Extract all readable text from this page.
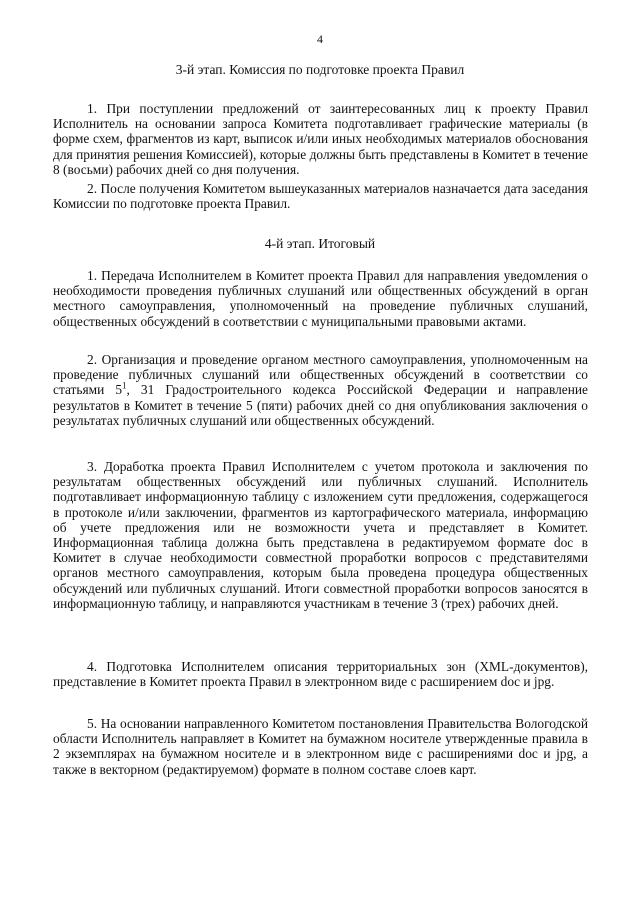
4
3-й этап. Комиссия по подготовке проекта Правил

1. При поступлении предложений от заинтересованных лиц к проекту Правил Исполнитель на основании запроса Комитета подготавливает графические материалы (в форме схем, фрагментов из карт, выписок и/или иных необходимых материалов обоснования для принятия решения Комиссией), которые должны быть представлены в Комитет в течение 8 (восьми) рабочих дней со дня получения.

2. После получения Комитетом вышеуказанных материалов назначается дата заседания Комиссии по подготовке проекта Правил.

4-й этап. Итоговый

1. Передача Исполнителем в Комитет проекта Правил для направления уведомления о необходимости проведения публичных слушаний или общественных обсуждений в орган местного самоуправления, уполномоченный на проведение публичных слушаний, общественных обсуждений в соответствии с муниципальными правовыми актами.

2. Организация и проведение органом местного самоуправления, уполномоченным на проведение публичных слушаний или общественных обсуждений в соответствии со статьями $5^1$, 31 Градостроительного кодекса Российской Федерации и направление результатов в Комитет в течение 5 (пяти) рабочих дней со дня опубликования заключения о результатах публичных слушаний или общественных обсуждений.

3. Доработка проекта Правил Исполнителем с учетом протокола и заключения по результатам общественных обсуждений или публичных слушаний. Исполнитель подготавливает информационную таблицу с изложением сути предложения, содержащегося в протоколе и/или заключении, фрагментов из картографического материала, информацию об учете предложения или не возможности учета и представляет в Комитет. Информационная таблица должна быть представлена в редактируемом формате doc в Комитет в случае необходимости совместной проработки вопросов с представителями органов местного самоуправления, которым была проведена процедура общественных обсуждений или публичных слушаний. Итоги совместной проработки вопросов заносятся в информационную таблицу, и направляются участникам в течение 3 (трех) рабочих дней.

4. Подготовка Исполнителем описания территориальных зон (XML-документов), представление в Комитет проекта Правил в электронном виде с расширением doc и jpg.

5. На основании направленного Комитетом постановления Правительства Вологодской области Исполнитель направляет в Комитет на бумажном носителе утвержденные правила в 2 экземплярах на бумажном носителе и в электронном виде с расширениями doc и jpg, а также в векторном (редактируемом) формате в полном составе слоев карт.
